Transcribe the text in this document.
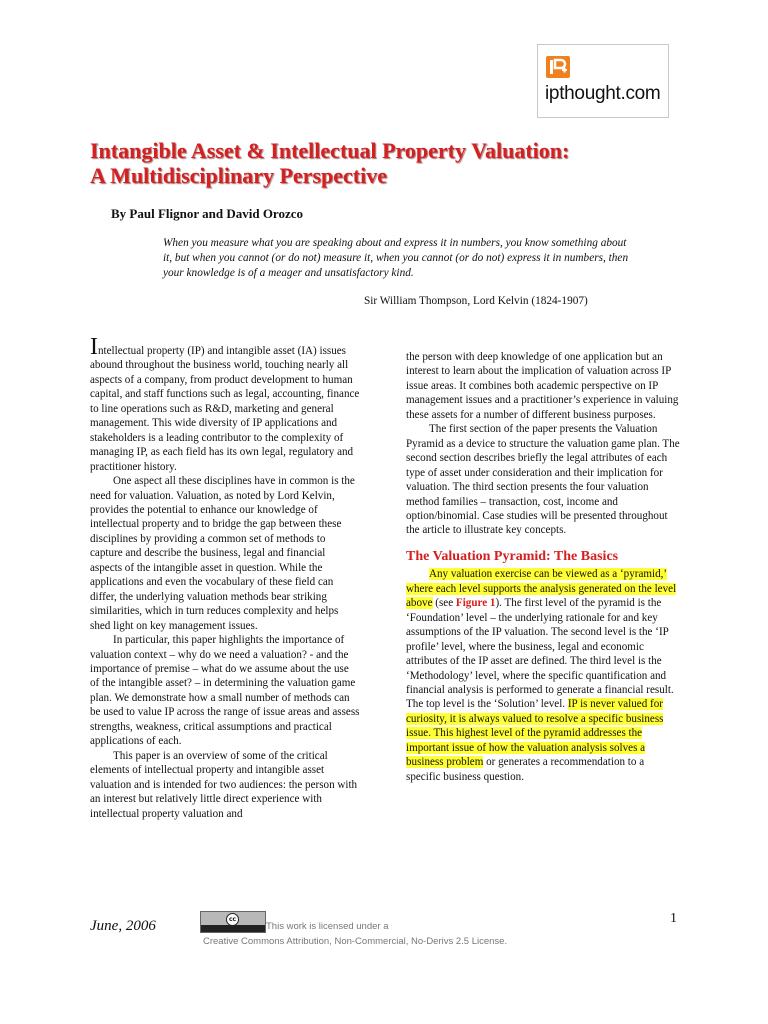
ipthought.com
Intangible Asset & Intellectual Property Valuation:
A Multidisciplinary Perspective
By Paul Flignor and David Orozco

When you measure what you are speaking about and express it in numbers, you know something about it, but when you cannot (or do not) measure it, when you cannot (or do not) express it in numbers, then your knowledge is of a meager and unsatisfactory kind.

Sir William Thompson, Lord Kelvin (1824-1907)

Intellectual property (IP) and intangible asset (IA) issues abound throughout the business world, touching nearly all aspects of a company, from product development to human capital, and staff functions such as legal, accounting, finance to line operations such as R&D, marketing and general management. This wide diversity of IP applications and stakeholders is a leading contributor to the complexity of managing IP, as each field has its own legal, regulatory and practitioner history.

One aspect all these disciplines have in common is the need for valuation. Valuation, as noted by Lord Kelvin, provides the potential to enhance our knowledge of intellectual property and to bridge the gap between these disciplines by providing a common set of methods to capture and describe the business, legal and financial aspects of the intangible asset in question. While the applications and even the vocabulary of these field can differ, the underlying valuation methods bear striking similarities, which in turn reduces complexity and helps shed light on key management issues.

In particular, this paper highlights the importance of valuation context – why do we need a valuation? - and the importance of premise – what do we assume about the use of the intangible asset? – in determining the valuation game plan. We demonstrate how a small number of methods can be used to value IP across the range of issue areas and assess strengths, weakness, critical assumptions and practical applications of each.

This paper is an overview of some of the critical elements of intellectual property and intangible asset valuation and is intended for two audiences: the person with an interest but relatively little direct experience with intellectual property valuation and

the person with deep knowledge of one application but an interest to learn about the implication of valuation across IP issue areas. It combines both academic perspective on IP management issues and a practitioner’s experience in valuing these assets for a number of different business purposes.

The first section of the paper presents the Valuation Pyramid as a device to structure the valuation game plan. The second section describes briefly the legal attributes of each type of asset under consideration and their implication for valuation. The third section presents the four valuation method families – transaction, cost, income and option/binomial. Case studies will be presented throughout the article to illustrate key concepts.

The Valuation Pyramid: The Basics

Any valuation exercise can be viewed as a ‘pyramid,’ where each level supports the analysis generated on the level above (see Figure 1). The first level of the pyramid is the ‘Foundation’ level – the underlying rationale for and key assumptions of the IP valuation. The second level is the ‘IP profile’ level, where the business, legal and economic attributes of the IP asset are defined. The third level is the ‘Methodology’ level, where the specific quantification and financial analysis is performed to generate a financial result. The top level is the ‘Solution’ level. IP is never valued for curiosity, it is always valued to resolve a specific business issue. This highest level of the pyramid addresses the important issue of how the valuation analysis solves a business problem or generates a recommendation to a specific business question.

June, 2006	cc
This work is licensed under a
Creative Commons Attribution, Non-Commercial, No-Derivs 2.5 License.
1
